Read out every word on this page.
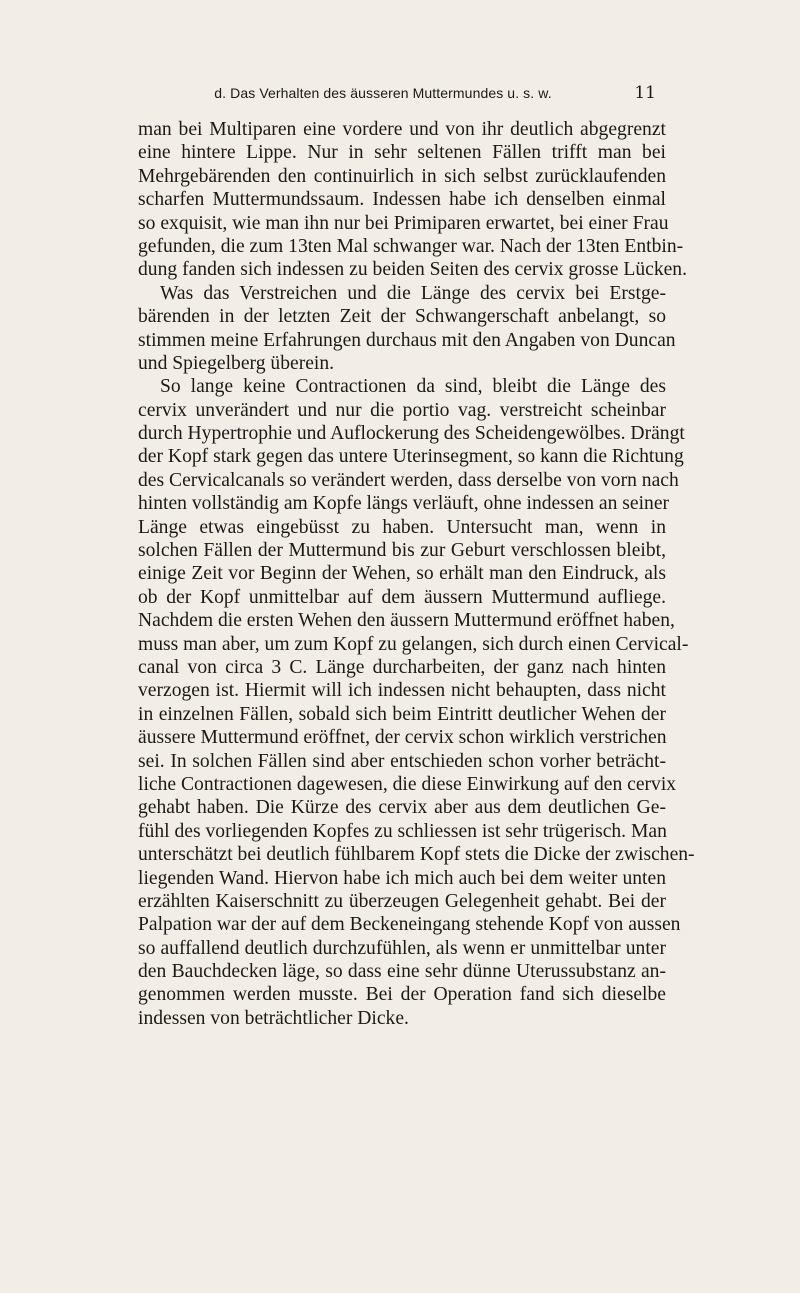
d. Das Verhalten des äusseren Muttermundes u. s. w.	11
man bei Multiparen eine vordere und von ihr deutlich abgegrenzt
eine hintere Lippe. Nur in sehr seltenen Fällen trifft man bei
Mehrgebärenden den continuirlich in sich selbst zurücklaufenden
scharfen Muttermundssaum. Indessen habe ich denselben einmal
so exquisit, wie man ihn nur bei Primiparen erwartet, bei einer Frau
gefunden, die zum 13ten Mal schwanger war. Nach der 13ten Entbin-
dung fanden sich indessen zu beiden Seiten des cervix grosse Lücken.
Was das Verstreichen und die Länge des cervix bei Erstge-
bärenden in der letzten Zeit der Schwangerschaft anbelangt, so
stimmen meine Erfahrungen durchaus mit den Angaben von Duncan
und Spiegelberg überein.
So lange keine Contractionen da sind, bleibt die Länge des
cervix unverändert und nur die portio vag. verstreicht scheinbar
durch Hypertrophie und Auflockerung des Scheidengewölbes. Drängt
der Kopf stark gegen das untere Uterinsegment, so kann die Richtung
des Cervicalcanals so verändert werden, dass derselbe von vorn nach
hinten vollständig am Kopfe längs verläuft, ohne indessen an seiner
Länge etwas eingebüsst zu haben. Untersucht man, wenn in
solchen Fällen der Muttermund bis zur Geburt verschlossen bleibt,
einige Zeit vor Beginn der Wehen, so erhält man den Eindruck, als
ob der Kopf unmittelbar auf dem äussern Muttermund aufliege.
Nachdem die ersten Wehen den äussern Muttermund eröffnet haben,
muss man aber, um zum Kopf zu gelangen, sich durch einen Cervical-
canal von circa 3 C. Länge durcharbeiten, der ganz nach hinten
verzogen ist. Hiermit will ich indessen nicht behaupten, dass nicht
in einzelnen Fällen, sobald sich beim Eintritt deutlicher Wehen der
äussere Muttermund eröffnet, der cervix schon wirklich verstrichen
sei. In solchen Fällen sind aber entschieden schon vorher beträcht-
liche Contractionen dagewesen, die diese Einwirkung auf den cervix
gehabt haben. Die Kürze des cervix aber aus dem deutlichen Ge-
fühl des vorliegenden Kopfes zu schliessen ist sehr trügerisch. Man
unterschätzt bei deutlich fühlbarem Kopf stets die Dicke der zwischen-
liegenden Wand. Hiervon habe ich mich auch bei dem weiter unten
erzählten Kaiserschnitt zu überzeugen Gelegenheit gehabt. Bei der
Palpation war der auf dem Beckeneingang stehende Kopf von aussen
so auffallend deutlich durchzufühlen, als wenn er unmittelbar unter
den Bauchdecken läge, so dass eine sehr dünne Uterussubstanz an-
genommen werden musste. Bei der Operation fand sich dieselbe
indessen von beträchtlicher Dicke.
